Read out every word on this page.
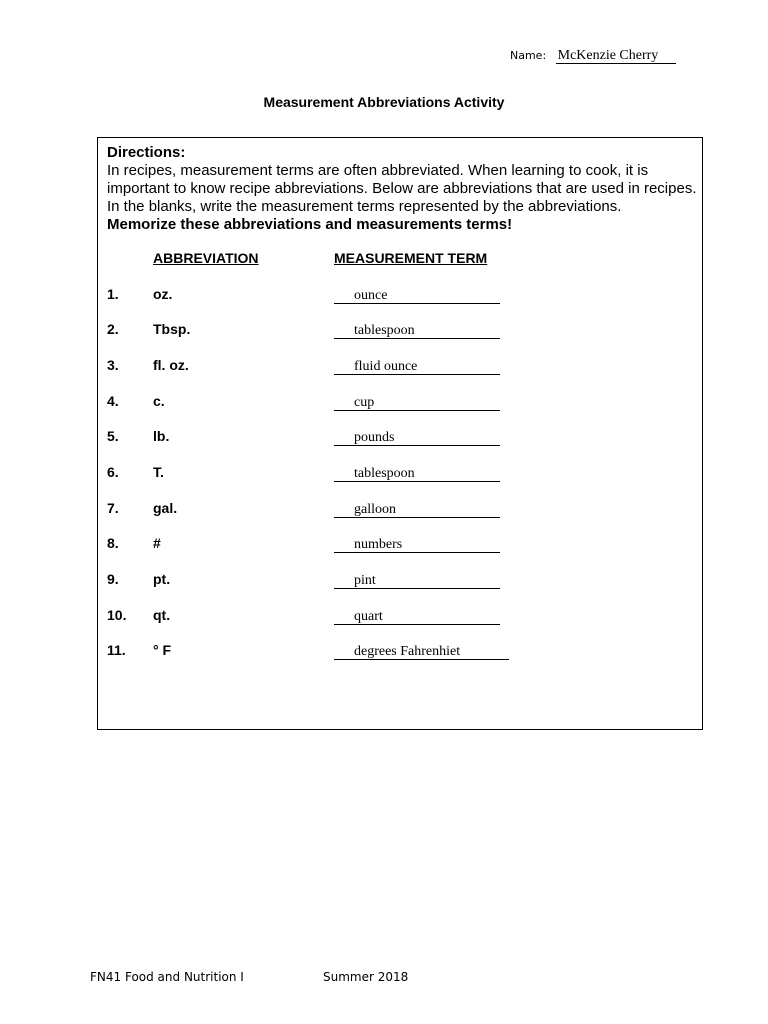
Name: McKenzie Cherry
Measurement Abbreviations Activity
Directions:
In recipes, measurement terms are often abbreviated. When learning to cook, it is important to know recipe abbreviations. Below are abbreviations that are used in recipes. In the blanks, write the measurement terms represented by the abbreviations.
Memorize these abbreviations and measurements terms!
ABBREVIATION	MEASUREMENT TERM
1. oz.	ounce
2. Tbsp.	tablespoon
3. fl. oz.	fluid ounce
4. c.	cup
5. lb.	pounds
6. T.	tablespoon
7. gal.	galloon
8. #	numbers
9. pt.	pint
10. qt.	quart
11. ° F	degrees Fahrenhiet
FN41 Food and Nutrition I	Summer 2018
